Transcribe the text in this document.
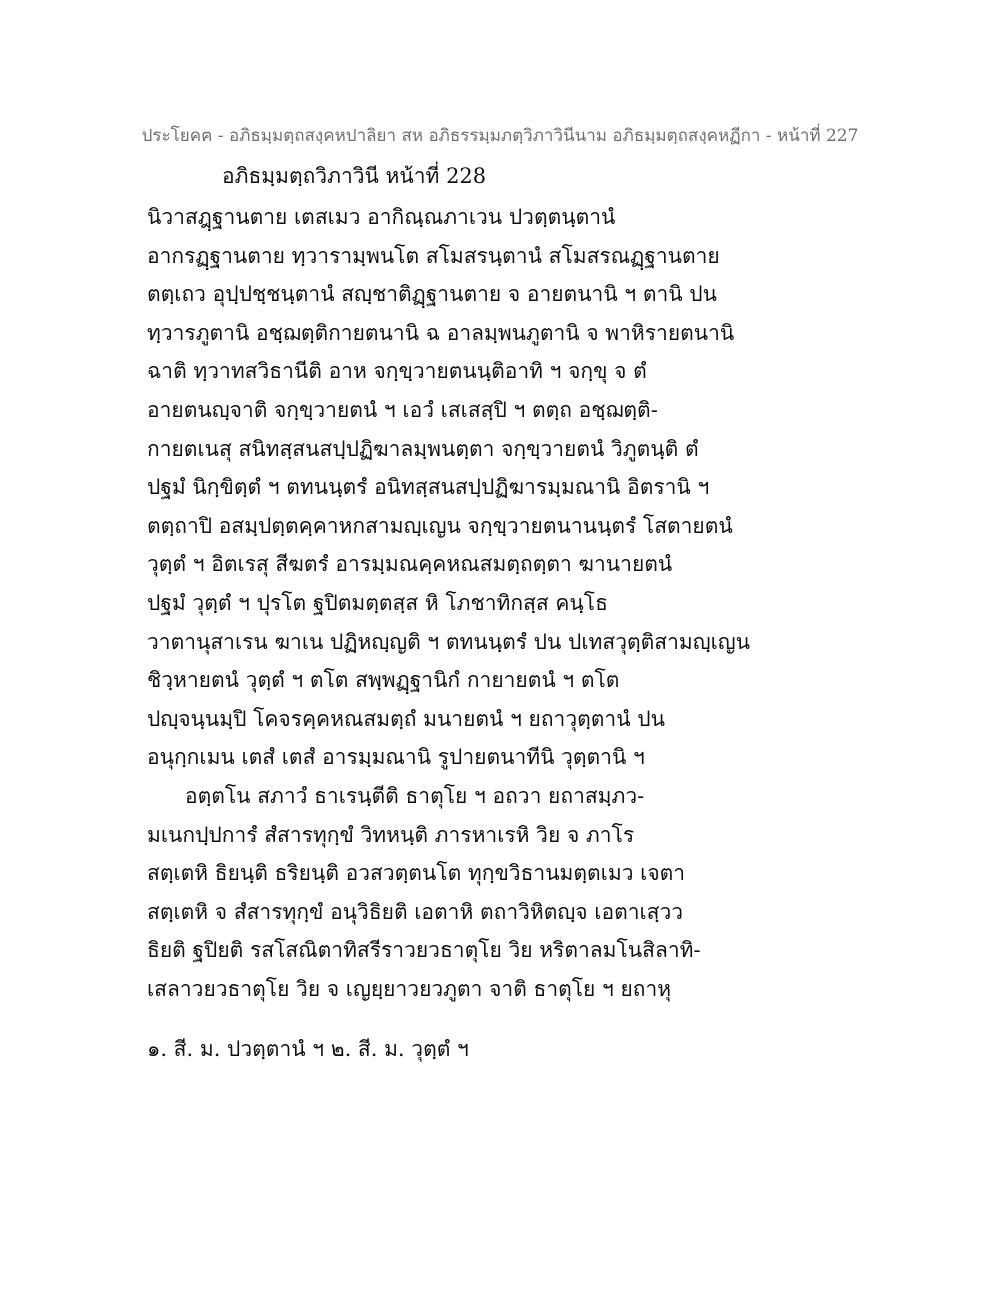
ประโยคฅ - อภิธมฺมตฺถสงฺคหปาลิยา สห อภิธรรมฺมภตฺวิภาวินีนาม อภิธมฺมตฺถสงฺคหฏีกา - หน้าที่ 227
อภิธมฺมตฺถวิภาวินี หน้าที่ 228
นิวาสฎฺฐานตาย เตสเมว อากิณฺณภาเวน ปวตฺตนฺตานํ
อากรฏฺฐานตาย ทฺวารามฺพนโต สโมสรนฺตานํ สโมสรณฏฺฐานตาย
ตตฺเถว อุปฺปชฺชนฺตานํ สญฺชาติฏฺฐานตาย จ อายตนานิ ฯ ตานิ ปน
ทฺวารภูตานิ อชฺฌตฺติกายตนานิ ฉ อาลมฺพนภูตานิ จ พาหิรายตนานิ
ฉาติ ทฺวาทสวิธานีติ อาห จกฺขฺวายตนนฺติอาทิ ฯ จกฺขุ จ ตํ
อายตนญฺจาติ จกฺขฺวายตนํ ฯ เอวํ เสเสสฺปิ ฯ ตตฺถ อชฺฌตฺติ-
กายตเนสุ สนิทสฺสนสปฺปฏิฆาลมฺพนตฺตา จกฺขฺวายตนํ วิภูตนฺติ ตํ
ปฐมํ นิกฺขิตฺตํ ฯ ตทนนฺตรํ อนิทสฺสนสปฺปฏิฆารมฺมณานิ อิตรานิ ฯ
ตตฺถาปิ อสมฺปตฺตคฺคาหกสามญฺเญน จกฺขฺวายตนานนฺตรํ โสตายตนํ
วุตฺตํ ฯ อิตเรสุ สีฆตรํ อารมฺมณคฺคหณสมตฺถตฺตา ฆานายตนํ
ปฐมํ วุตฺตํ ฯ ปุรโต ฐปิตมตฺตสฺส หิ โภชาทิกสฺส คนฺโธ
วาตานุสาเรน ฆาเน ปฏิหญฺญติ ฯ ตทนนฺตรํ ปน ปเทสวุตฺติสามญฺเญน
ชิวฺหายตนํ วุตฺตํ ฯ ตโต สพฺพฏฺฐานิกํ กายายตนํ ฯ ตโต
ปญฺจนฺนมฺปิ โคจรคฺคหณสมตฺถํ มนายตนํ ฯ ยถาวุตฺตานํ ปน
อนุกฺกเมน เตสํ เตสํ อารมฺมณานิ รูปายตนาทีนิ วุตฺตานิ ฯ
อตฺตโน สภาวํ ธาเรนฺตีติ ธาตุโย ฯ อถวา ยถาสมฺภว-
มเนกปฺปการํ สํสารทุกฺขํ วิทหนฺติ ภารหาเรหิ วิย จ ภาโร
สตฺเตหิ ธิยนฺติ ธริยนฺติ อวสวตฺตนโต ทุกฺขวิธานมตฺตเมว เจตา
สตฺเตหิ จ สํสารทุกฺขํ อนุวิธิยติ เอตาหิ ตถาวิหิตญฺจ เอตาเสฺวว
ธิยติ ฐปิยติ รสโสณิตาทิสรีราวยวธาตุโย วิย หริตาลมโนสิลาทิ-
เสลาวยวธาตุโย วิย จ เญยฺยาวยวภูตา จาติ ธาตุโย ฯ ยถาหุ
๑. สี. ม. ปวตฺตานํ ฯ ๒. สี. ม. วุตฺตํ ฯ
